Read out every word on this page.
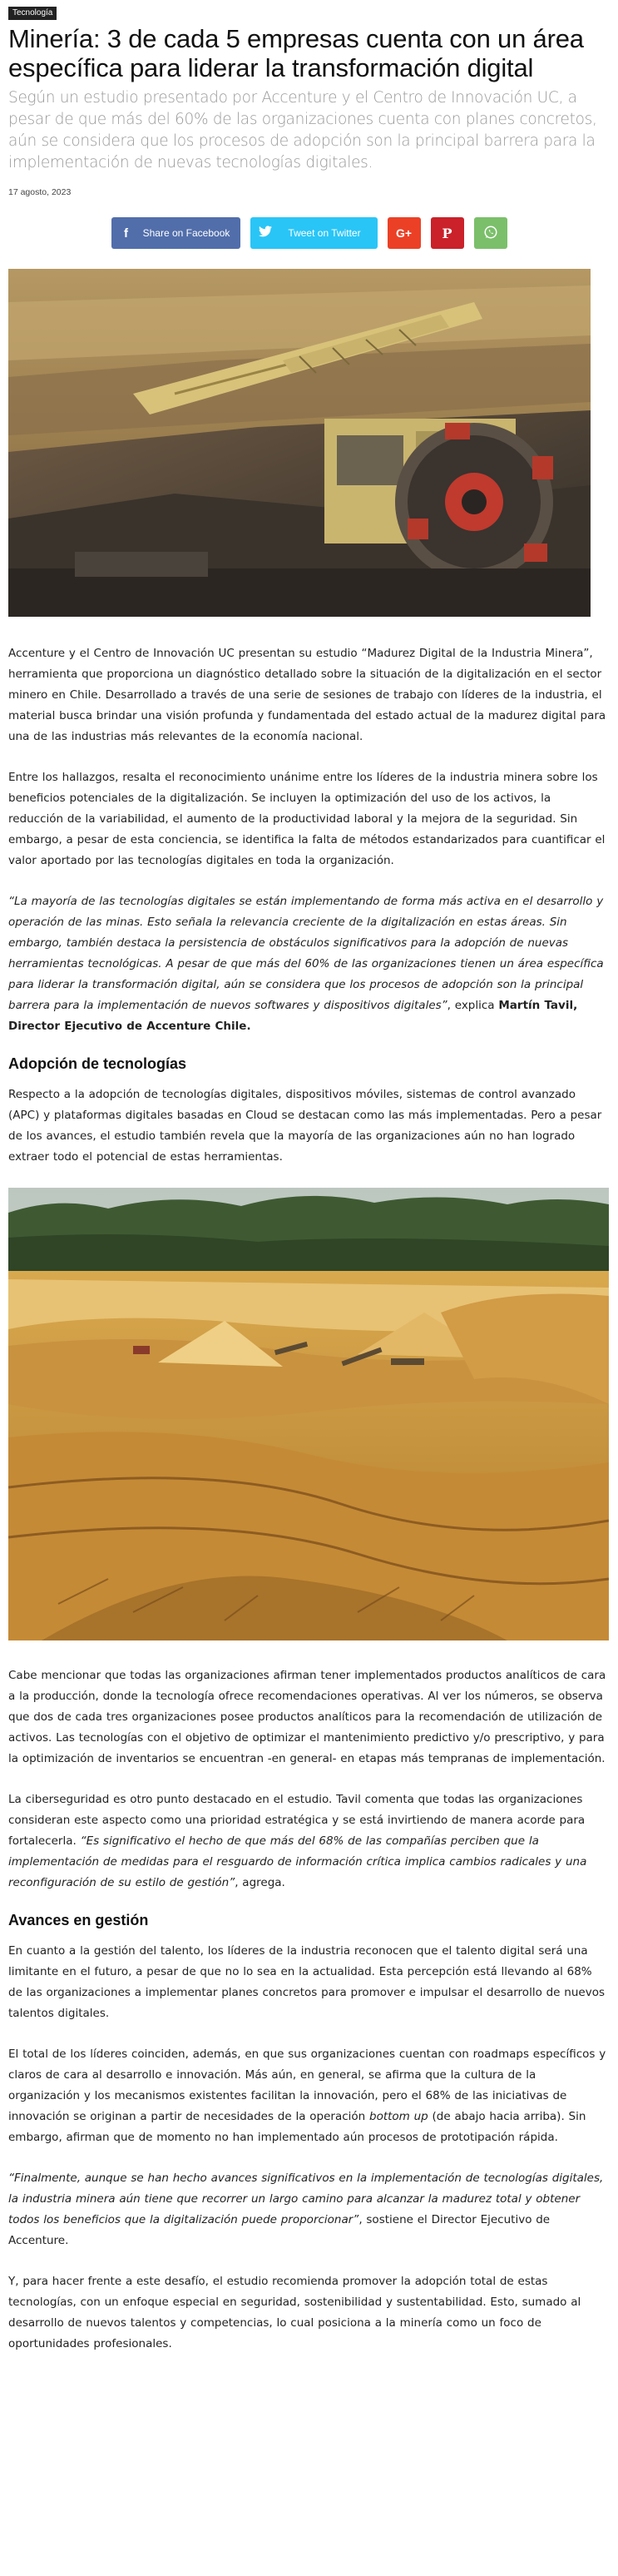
Tecnología
Minería: 3 de cada 5 empresas cuenta con un área específica para liderar la transformación digital

Según un estudio presentado por Accenture y el Centro de Innovación UC, a pesar de que más del 60% de las organizaciones cuenta con planes concretos, aún se considera que los procesos de adopción son la principal barrera para la implementación de nuevas tecnologías digitales.

17 agosto, 2023
f	Share on Facebook	Tweet on Twitter	G+ P

Accenture y el Centro de Innovación UC presentan su estudio “Madurez Digital de la Industria Minera”, herramienta que proporciona un diagnóstico detallado sobre la situación de la digitalización en el sector minero en Chile. Desarrollado a través de una serie de sesiones de trabajo con líderes de la industria, el material busca brindar una visión profunda y fundamentada del estado actual de la madurez digital para una de las industrias más relevantes de la economía nacional.

Entre los hallazgos, resalta el reconocimiento unánime entre los líderes de la industria minera sobre los beneficios potenciales de la digitalización. Se incluyen la optimización del uso de los activos, la reducción de la variabilidad, el aumento de la productividad laboral y la mejora de la seguridad. Sin embargo, a pesar de esta conciencia, se identifica la falta de métodos estandarizados para cuantificar el valor aportado por las tecnologías digitales en toda la organización.

“La mayoría de las tecnologías digitales se están implementando de forma más activa en el desarrollo y operación de las minas. Esto señala la relevancia creciente de la digitalización en estas áreas. Sin embargo, también destaca la persistencia de obstáculos significativos para la adopción de nuevas herramientas tecnológicas. A pesar de que más del 60% de las organizaciones tienen un área específica para liderar la transformación digital, aún se considera que los procesos de adopción son la principal barrera para la implementación de nuevos softwares y dispositivos digitales”, explica Martín Tavil, Director Ejecutivo de Accenture Chile.

Adopción de tecnologías

Respecto a la adopción de tecnologías digitales, dispositivos móviles, sistemas de control avanzado (APC) y plataformas digitales basadas en Cloud se destacan como las más implementadas. Pero a pesar de los avances, el estudio también revela que la mayoría de las organizaciones aún no han logrado extraer todo el potencial de estas herramientas.

Cabe mencionar que todas las organizaciones afirman tener implementados productos analíticos de cara a la producción, donde la tecnología ofrece recomendaciones operativas. Al ver los números, se observa que dos de cada tres organizaciones posee productos analíticos para la recomendación de utilización de activos. Las tecnologías con el objetivo de optimizar el mantenimiento predictivo y/o prescriptivo, y para la optimización de inventarios se encuentran -en general- en etapas más tempranas de implementación.

La ciberseguridad es otro punto destacado en el estudio. Tavil comenta que todas las organizaciones consideran este aspecto como una prioridad estratégica y se está invirtiendo de manera acorde para fortalecerla. “Es significativo el hecho de que más del 68% de las compañías perciben que la implementación de medidas para el resguardo de información crítica implica cambios radicales y una reconfiguración de su estilo de gestión”, agrega.

Avances en gestión

En cuanto a la gestión del talento, los líderes de la industria reconocen que el talento digital será una limitante en el futuro, a pesar de que no lo sea en la actualidad. Esta percepción está llevando al 68% de las organizaciones a implementar planes concretos para promover e impulsar el desarrollo de nuevos talentos digitales.

El total de los líderes coinciden, además, en que sus organizaciones cuentan con roadmaps específicos y claros de cara al desarrollo e innovación. Más aún, en general, se afirma que la cultura de la organización y los mecanismos existentes facilitan la innovación, pero el 68% de las iniciativas de innovación se originan a partir de necesidades de la operación bottom up (de abajo hacia arriba). Sin embargo, afirman que de momento no han implementado aún procesos de prototipación rápida.

“Finalmente, aunque se han hecho avances significativos en la implementación de tecnologías digitales, la industria minera aún tiene que recorrer un largo camino para alcanzar la madurez total y obtener todos los beneficios que la digitalización puede proporcionar”, sostiene el Director Ejecutivo de Accenture.

Y, para hacer frente a este desafío, el estudio recomienda promover la adopción total de estas tecnologías, con un enfoque especial en seguridad, sostenibilidad y sustentabilidad. Esto, sumado al desarrollo de nuevos talentos y competencias, lo cual posiciona a la minería como un foco de oportunidades profesionales.
